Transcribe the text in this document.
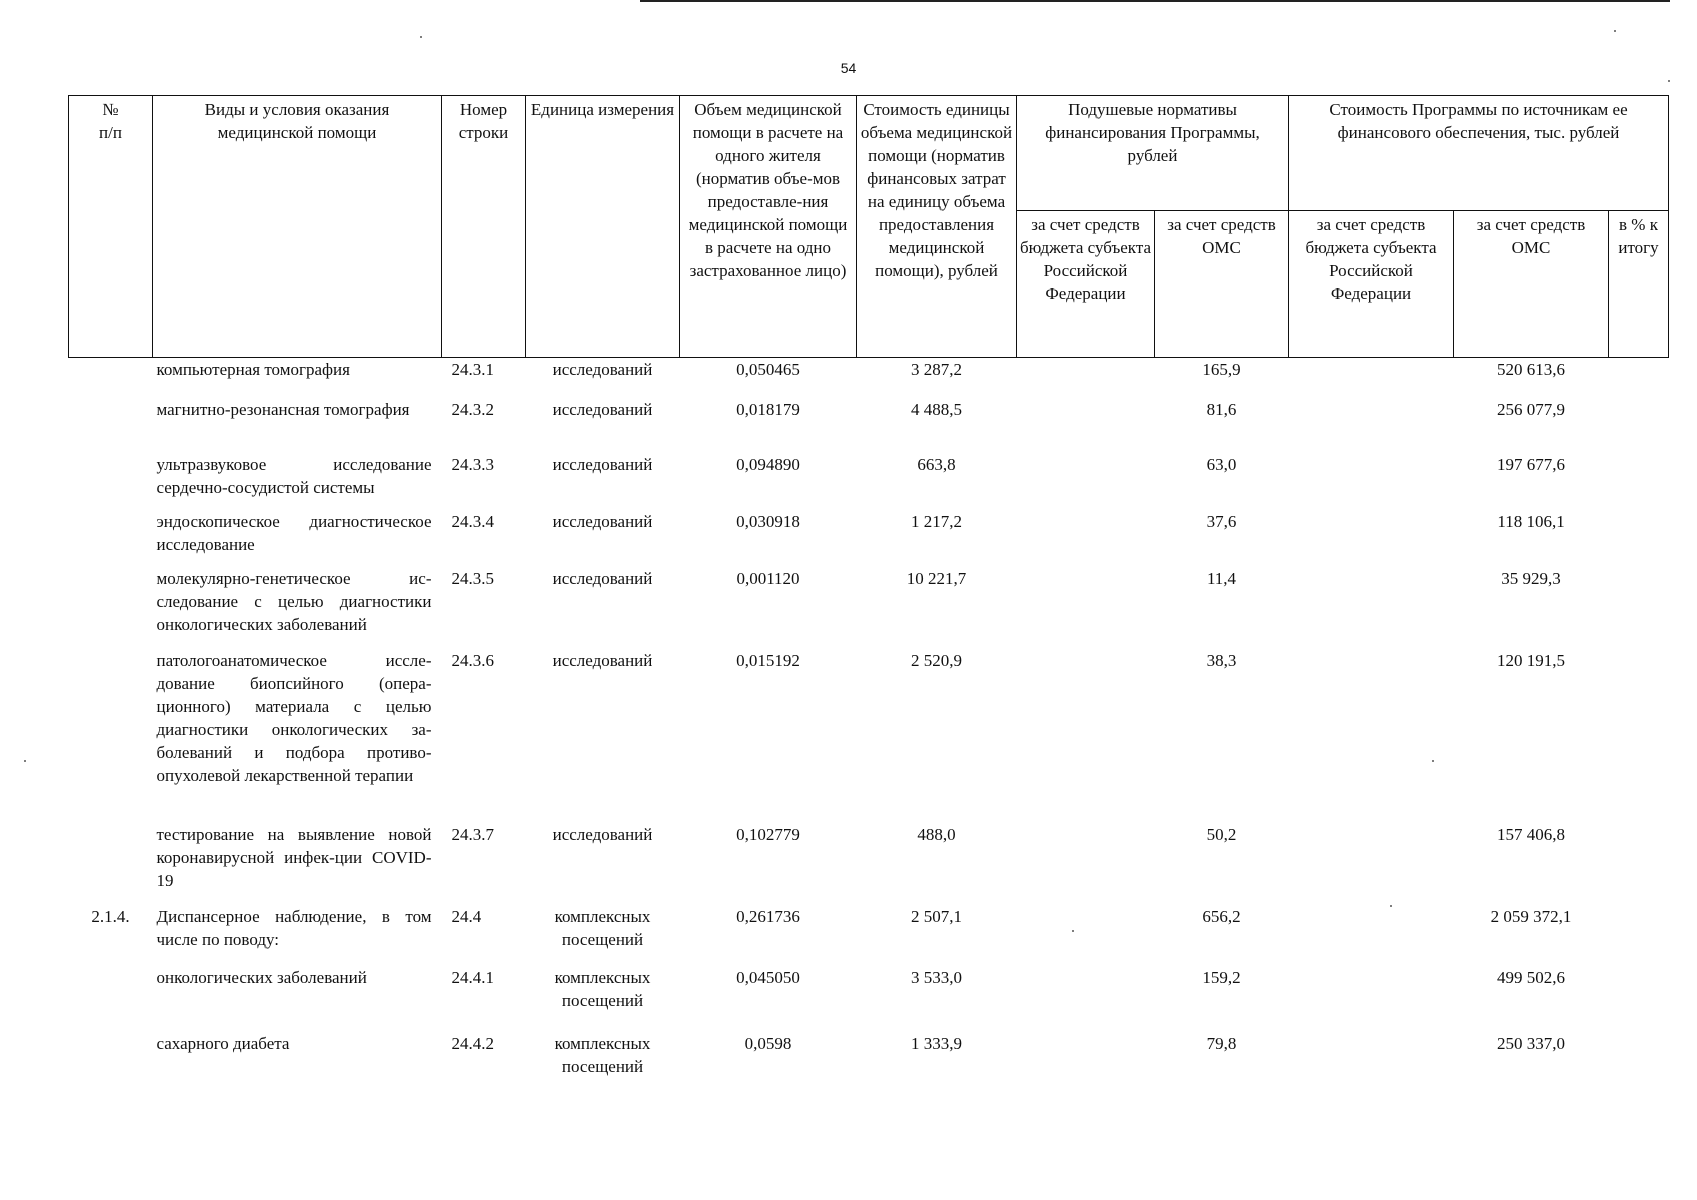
54
№
п/п	Виды и условия оказания медицинской помощи	Номер строки	Единица измерения	Объем медицинской помощи в расчете на одного жителя (норматив объе-мов предоставле-ния медицинской помощи в расчете на одно застрахованное лицо)	Стоимость единицы объема медицинской помощи (норматив финансовых затрат на единицу объема предоставления медицинской помощи), рублей	Подушевые нормативы финансирования Программы, рублей		Стоимость Программы по источникам ее финансового обеспечения, тыс. рублей		
						за счет средств бюджета субъекта Российской Федерации	за счет средств ОМС	за счет средств бюджета субъекта Российской Федерации	за счет средств ОМС	в % к итогу
	компьютерная томография	24.3.1	исследований	0,050465	3 287,2		165,9		520 613,6	
	магнитно-резонансная томография	24.3.2	исследований	0,018179	4 488,5		81,6		256 077,9	
	ультразвуковое исследование сердечно-сосудистой системы	24.3.3	исследований	0,094890	663,8		63,0		197 677,6	
	эндоскопическое диагностическое исследование	24.3.4	исследований	0,030918	1 217,2		37,6		118 106,1	
	молекулярно-генетическое ис-следование с целью диагностики онкологических заболеваний	24.3.5	исследований	0,001120	10 221,7		11,4		35 929,3	
	патологоанатомическое иссле-дование биопсийного (опера-ционного) материала с целью диагностики онкологических за-болеваний и подбора противо-опухолевой лекарственной терапии	24.3.6	исследований	0,015192	2 520,9		38,3		120 191,5	
	тестирование на выявление новой коронавирусной инфек-ции COVID-19	24.3.7	исследований	0,102779	488,0		50,2		157 406,8	
2.1.4.	Диспансерное наблюдение, в том числе по поводу:	24.4	комплексных посещений	0,261736	2 507,1		656,2		2 059 372,1	
	онкологических заболеваний	24.4.1	комплексных посещений	0,045050	3 533,0		159,2		499 502,6	
	сахарного диабета	24.4.2	комплексных посещений	0,0598	1 333,9		79,8		250 337,0	
